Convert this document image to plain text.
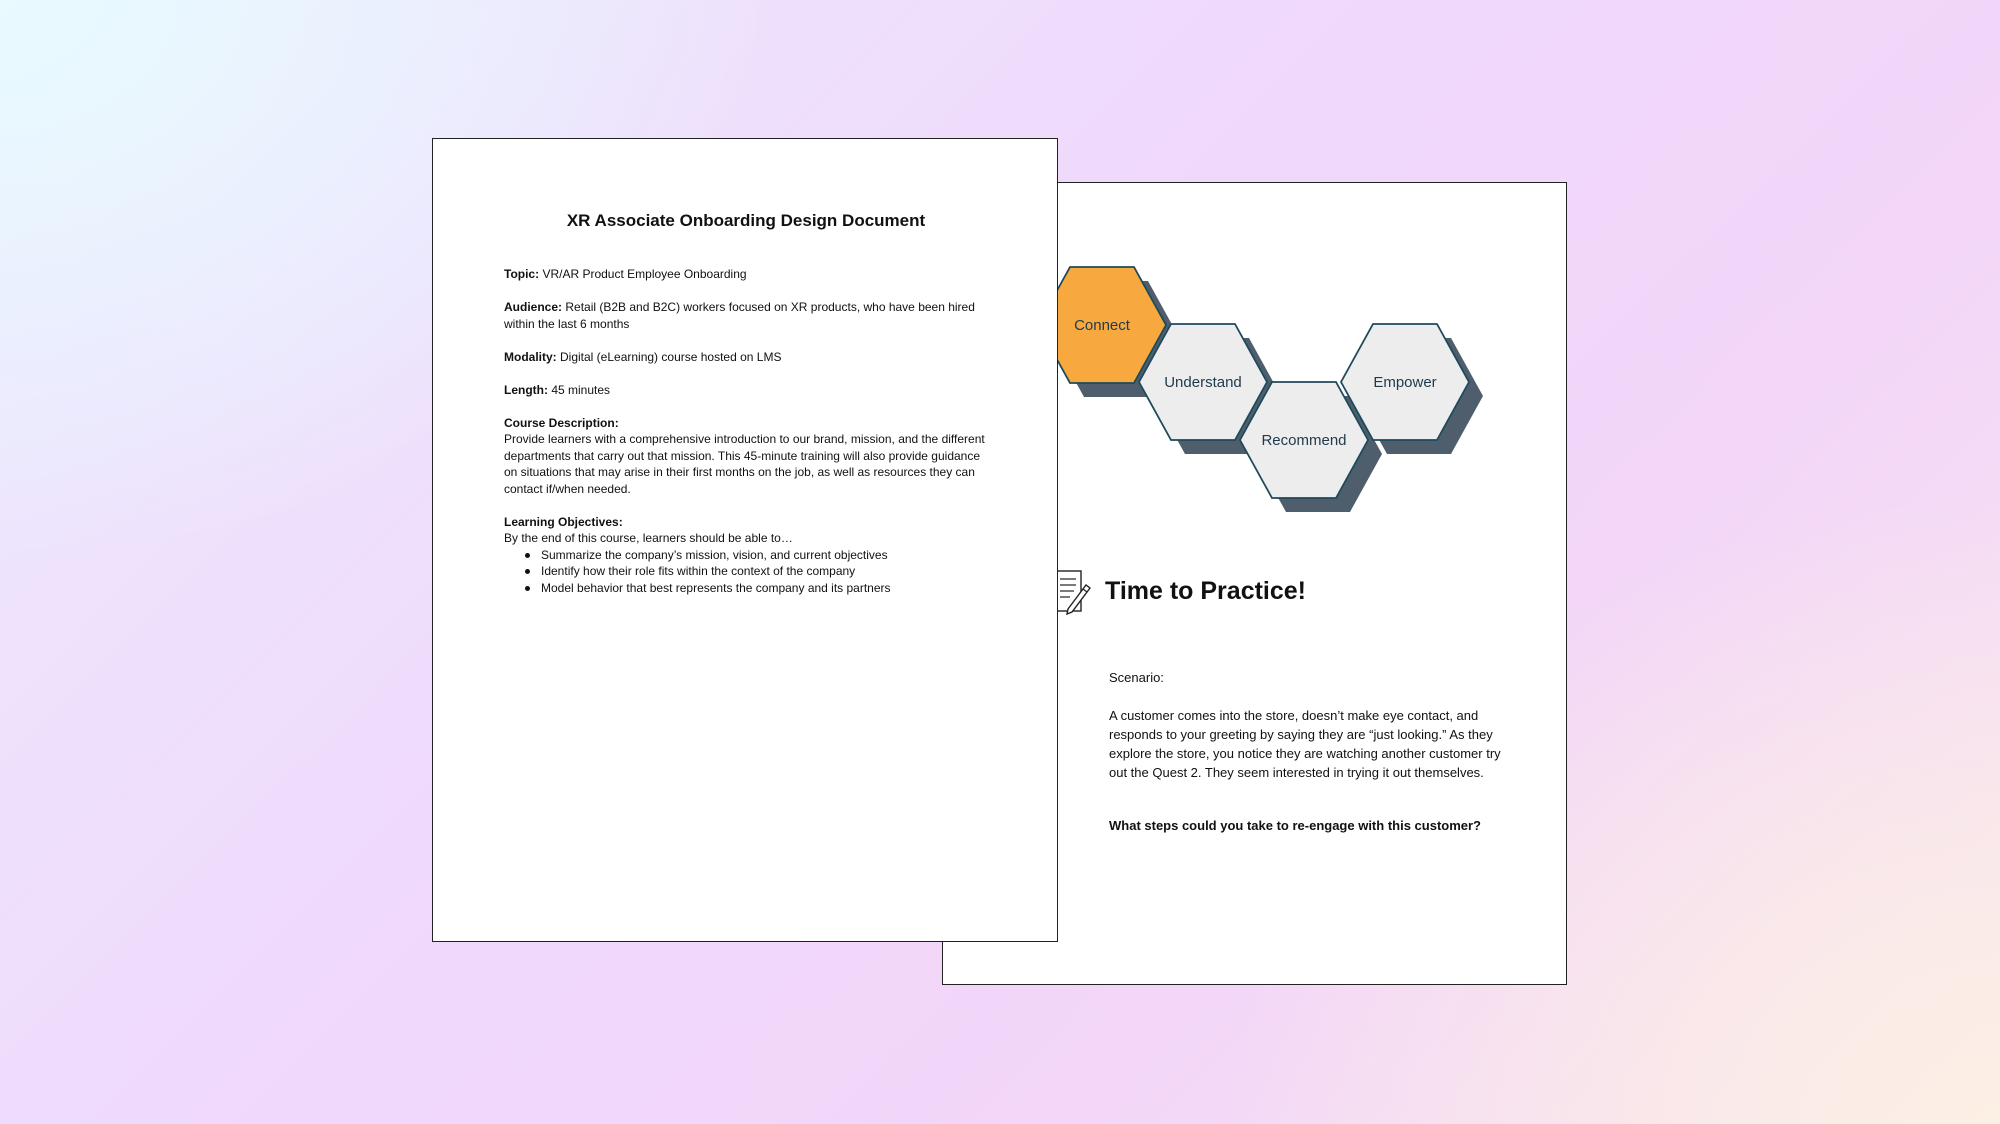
Connect
Understand
Recommend
Empower
Time to Practice!
Scenario:

A customer comes into the store, doesn’t make eye contact, and responds to your greeting by saying they are “just looking.” As they explore the store, you notice they are watching another customer try out the Quest 2. They seem interested in trying it out themselves.

What steps could you take to re-engage with this customer?
XR Associate Onboarding Design Document

Topic: VR/AR Product Employee Onboarding

Audience: Retail (B2B and B2C) workers focused on XR products, who have been hired within the last 6 months

Modality: Digital (eLearning) course hosted on LMS

Length: 45 minutes

Course Description:
Provide learners with a comprehensive introduction to our brand, mission, and the different departments that carry out that mission. This 45-minute training will also provide guidance on situations that may arise in their first months on the job, as well as resources they can contact if/when needed.

Learning Objectives:
By the end of this course, learners should be able to…
Summarize the company’s mission, vision, and current objectives
Identify how their role fits within the context of the company
Model behavior that best represents the company and its partners
